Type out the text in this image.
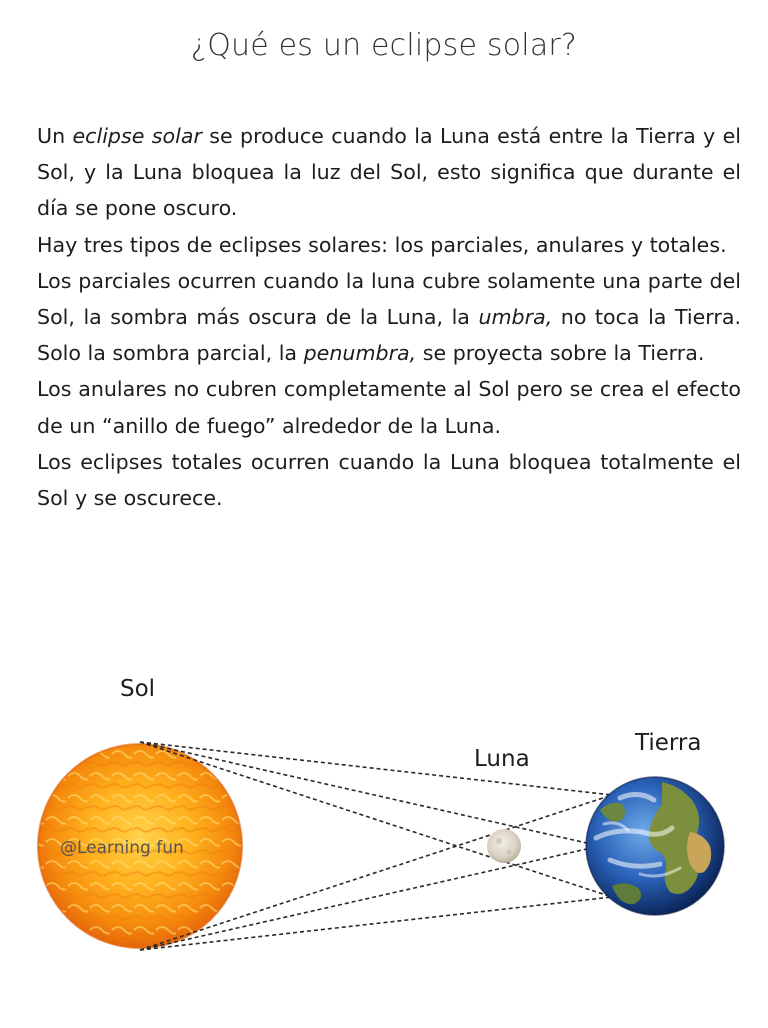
¿Qué es un eclipse solar?

Un eclipse solar se produce cuando la Luna está entre la Tierra y el Sol, y la Luna bloquea la luz del Sol, esto significa que durante el día se pone oscuro.

Hay tres tipos de eclipses solares: los parciales, anulares y totales.

Los parciales ocurren cuando la luna cubre solamente una parte del Sol, la sombra más oscura de la Luna, la umbra, no toca la Tierra. Solo la sombra parcial, la penumbra, se proyecta sobre la Tierra.

Los anulares no cubren completamente al Sol pero se crea el efecto de un “anillo de fuego” alrededor de la Luna.

Los eclipses totales ocurren cuando la Luna bloquea totalmente el Sol y se oscurece.

Sol
Luna
Tierra
@Learning fun
